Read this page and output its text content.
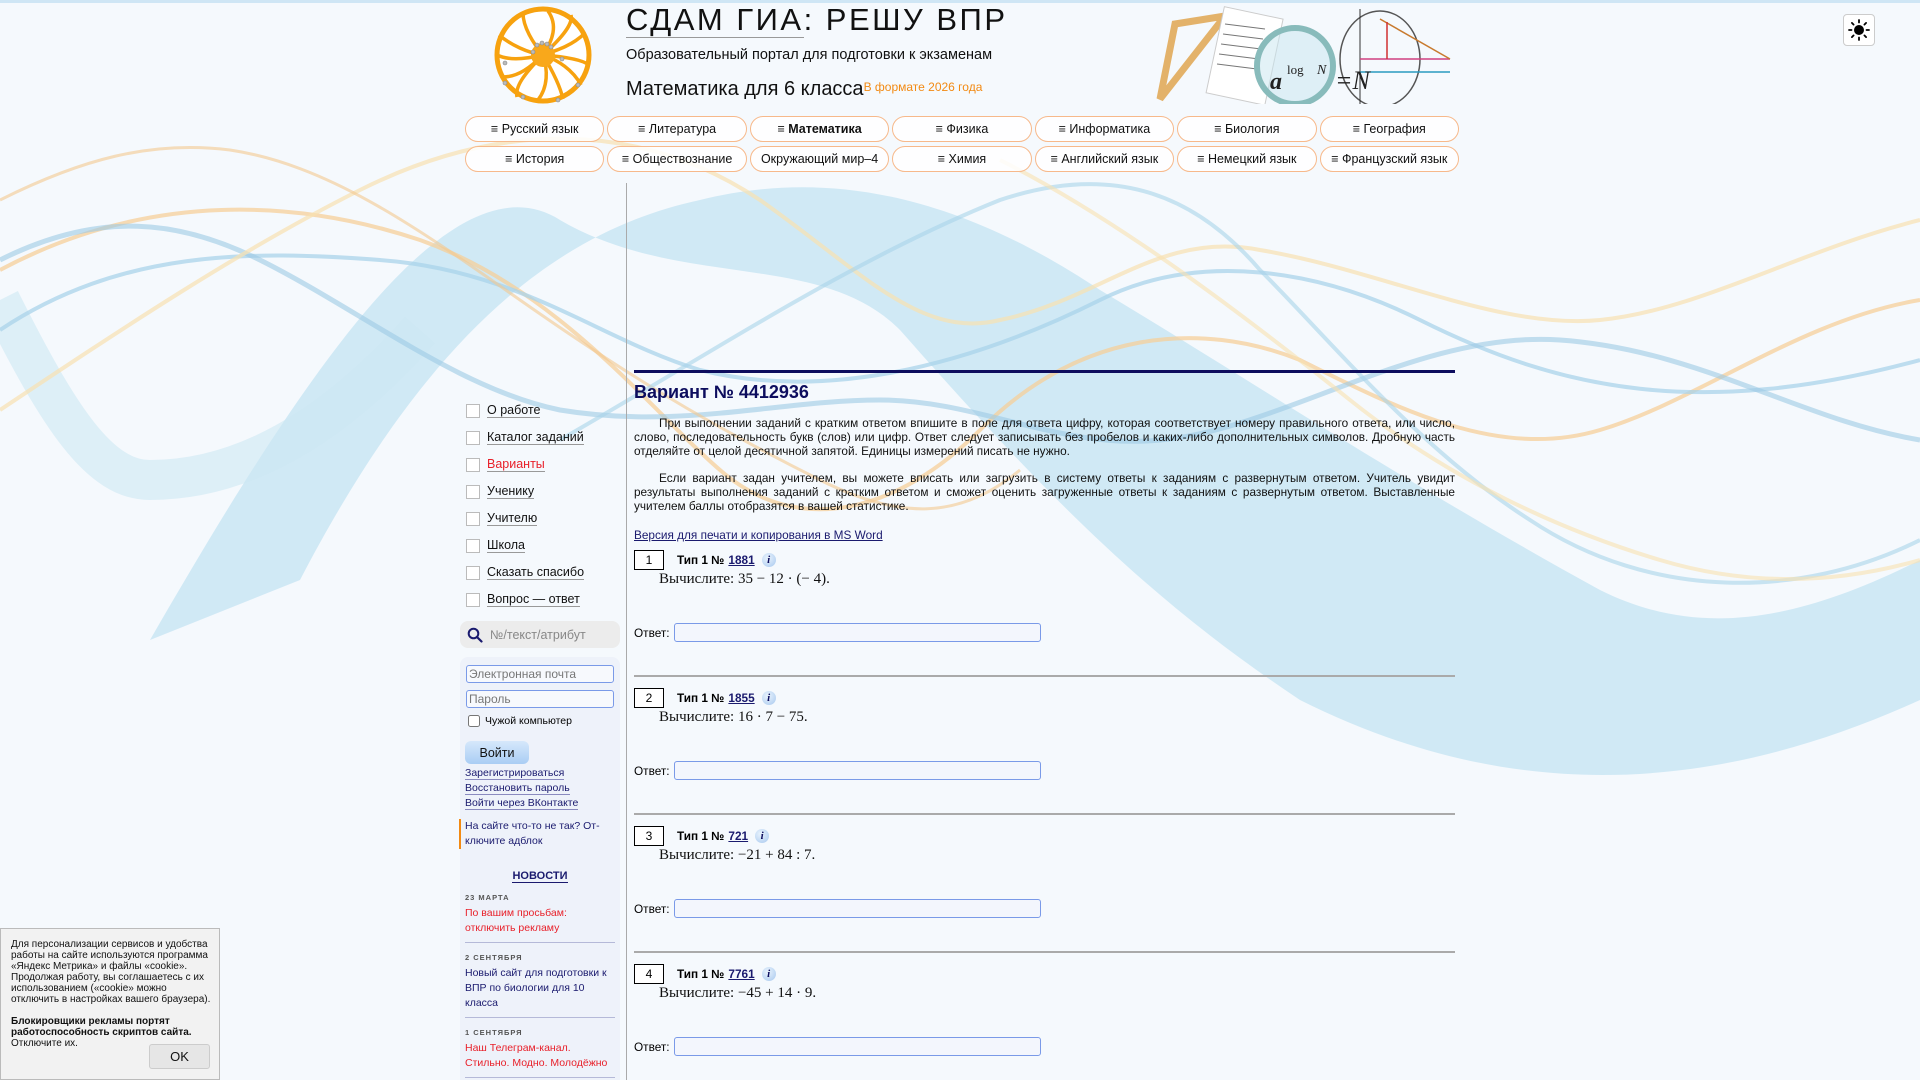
СДАМ ГИА: РЕШУ ВПР
Образовательный портал для подготовки к экзаменам
Математика для 6 класса$^{В формате 2026 года}$	a log N =N
≡ Русский язык	≡ Литература	≡ Математика	≡ Физика	≡ Информатика	≡ Биология	≡ География
≡ История	≡ Обществознание	Окружающий мир–4	≡ Химия	≡ Английский язык	≡ Немецкий язык	≡ Французский язык
О работе
Каталог заданий
Варианты
Ученику
Учителю
Школа
Сказать спасибо
Вопрос — ответ
№/текст/атрибут
Электронная почта
Чужой компьютер
Войти
Зарегистрироваться
Восстановить пароль
Войти через ВКонтакте
На сайте что-то не так? От-ключите адблок
НОВОСТИ
23 МАРТА
По вашим просьбам: отключить рекламу
2 СЕНТЯБРЯ
Новый сайт для подготовки к ВПР по биологии для 10 класса
1 СЕНТЯБРЯ
Наш Телеграм-канал. Стильно. Модно. Молодёжно
Вариант № 4412936

При выполнении заданий с кратким ответом впишите в поле для ответа цифру, которая соответствует номеру правильного ответа, или число, слово, последовательность букв (слов) или цифр. Ответ следует записывать без пробелов и каких-либо дополнительных символов. Дробную часть отделяйте от целой десятичной запятой. Единицы измерений писать не нужно.

Если вариант задан учителем, вы можете вписать или загрузить в систему ответы к заданиям с развернутым ответом. Учитель увидит результаты выполнения заданий с кратким ответом и сможет оценить загруженные ответы к заданиям с развернутым ответом. Выставленные учителем баллы отобразятся в вашей статистике.

Версия для печати и копирования в MS Word
1	Тип 1 № 1881	i
Вычислите: 35 − 12 · (− 4).
Ответ:
2	Тип 1 № 1855	i
Вычислите: 16 · 7 − 75.
Ответ:
3	Тип 1 № 721	i
Вычислите: −21 + 84 : 7.
Ответ:
4	Тип 1 № 7761	i
Вычислите: −45 + 14 · 9.
Ответ:
Для персонализации сервисов и удобства работы на сайте используются программа «Яндекс Метрика» и файлы «cookie». Продолжая работу, вы соглашаетесь с их использованием («cookie» можно отключить в настройках вашего браузера).
Блокировщики рекламы портят работоспособность скриптов сайта. Отключите их.
OK
